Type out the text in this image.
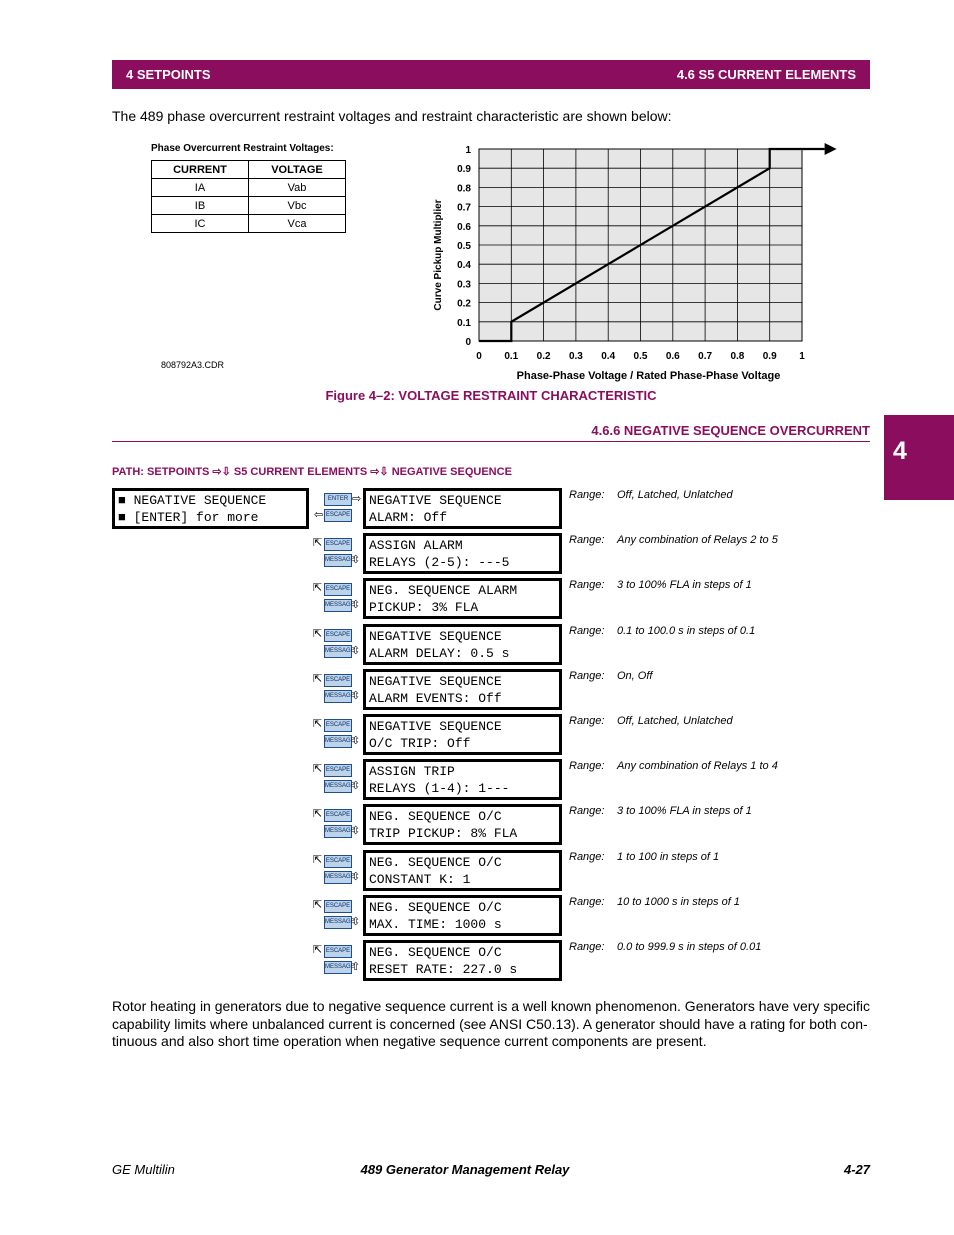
4 SETPOINTS	4.6 S5 CURRENT ELEMENTS
4
The 489 phase overcurrent restraint voltages and restraint characteristic are shown below:
Phase Overcurrent Restraint Voltages:
CURRENT	VOLTAGE
IA	Vab
IB	Vbc
IC	Vca
808792A3.CDR
0 0.1 0.2 0.3 0.4 0.5 0.6 0.7 0.8 0.9 1
0
0.1
0.2
0.3
0.4
0.5
0.6
0.7
0.8
0.9
1
Phase-Phase Voltage / Rated Phase-Phase Voltage
Curve Pickup Multiplier
Figure 4–2: VOLTAGE RESTRAINT CHARACTERISTIC
4.6.6 NEGATIVE SEQUENCE OVERCURRENT
PATH: SETPOINTS ⇨⇩ S5 CURRENT ELEMENTS ⇨⇩ NEGATIVE SEQUENCE
■ NEGATIVE SEQUENCE
■ [ENTER] for more
NEGATIVE SEQUENCE
ALARM: Off
ENTER
ESCAPE
⇨
⇦
Range: Off, Latched, Unlatched
ASSIGN ALARM
RELAYS (2-5): ---5
ESCAPE
MESSAGE
⇱
⇳
Range: Any combination of Relays 2 to 5
NEG. SEQUENCE ALARM
PICKUP: 3% FLA
ESCAPE
MESSAGE
⇱
⇳
Range: 3 to 100% FLA in steps of 1
NEGATIVE SEQUENCE
ALARM DELAY: 0.5 s
ESCAPE
MESSAGE
⇱
⇳
Range: 0.1 to 100.0 s in steps of 0.1
NEGATIVE SEQUENCE
ALARM EVENTS: Off
ESCAPE
MESSAGE
⇱
⇳
Range: On, Off
NEGATIVE SEQUENCE
O/C TRIP: Off
ESCAPE
MESSAGE
⇱
⇳
Range: Off, Latched, Unlatched
ASSIGN TRIP
RELAYS (1-4): 1---
ESCAPE
MESSAGE
⇱
⇳
Range: Any combination of Relays 1 to 4
NEG. SEQUENCE O/C
TRIP PICKUP: 8% FLA
ESCAPE
MESSAGE
⇱
⇳
Range: 3 to 100% FLA in steps of 1
NEG. SEQUENCE O/C
CONSTANT K: 1
ESCAPE
MESSAGE
⇱
⇳
Range: 1 to 100 in steps of 1
NEG. SEQUENCE O/C
MAX. TIME: 1000 s
ESCAPE
MESSAGE
⇱
⇳
Range: 10 to 1000 s in steps of 1
NEG. SEQUENCE O/C
RESET RATE: 227.0 s
ESCAPE
MESSAGE
⇱
⇧
Range: 0.0 to 999.9 s in steps of 0.01
Rotor heating in generators due to negative sequence current is a well known phenomenon. Generators have very specific capability limits where unbalanced current is concerned (see ANSI C50.13). A generator should have a rating for both con- tinuous and also short time operation when negative sequence current components are present.
GE Multilin	489 Generator Management Relay	4-27
